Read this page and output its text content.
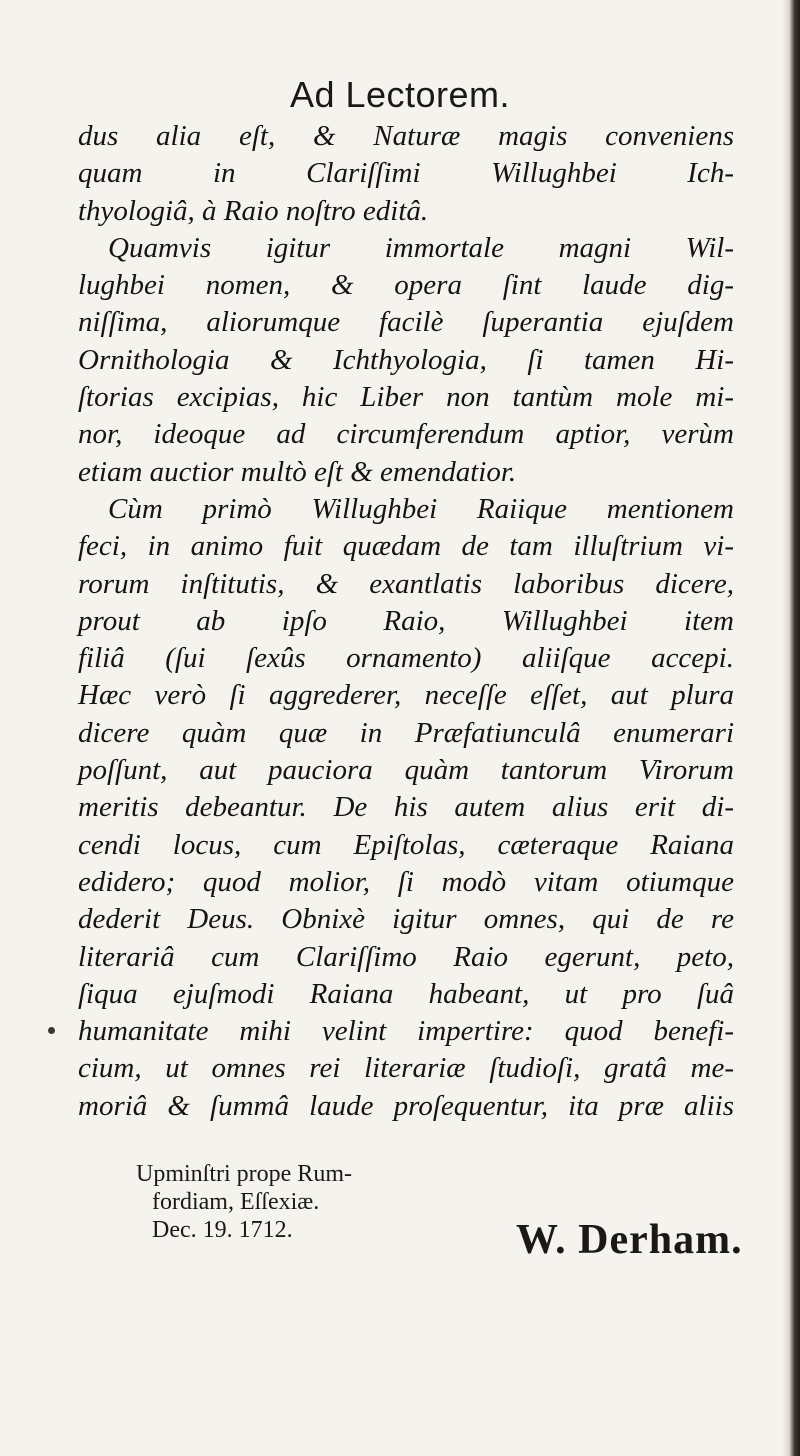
Ad Lectorem.
dus alia eſt, & Naturæ magis conveniens
quam in Clariſſimi Willughbei Ich-
thyologiâ, à Raio noſtro editâ.
Quamvis igitur immortale magni Wil-
lughbei nomen, & opera ſint laude dig-
niſſima, aliorumque facilè ſuperantia ejuſdem
Ornithologia & Ichthyologia, ſi tamen Hi-
ſtorias excipias, hic Liber non tantùm mole mi-
nor, ideoque ad circumferendum aptior, verùm
etiam auctior multò eſt & emendatior.
Cùm primò Willughbei Raiique mentionem
feci, in animo fuit quædam de tam illuſtrium vi-
rorum inſtitutis, & exantlatis laboribus dicere,
prout ab ipſo Raio, Willughbei item
filiâ (ſui ſexûs ornamento) aliiſque accepi.
Hæc verò ſi aggrederer, neceſſe eſſet, aut plura
dicere quàm quæ in Præfatiunculâ enumerari
poſſunt, aut pauciora quàm tantorum Virorum
meritis debeantur. De his autem alius erit di-
cendi locus, cum Epiſtolas, cæteraque Raiana
edidero; quod molior, ſi modò vitam otiumque
dederit Deus. Obnixè igitur omnes, qui de re
literariâ cum Clariſſimo Raio egerunt, peto,
ſiqua ejuſmodi Raiana habeant, ut pro ſuâ
humanitate mihi velint impertire: quod benefi-
cium, ut omnes rei literariæ ſtudioſi, gratâ me-
moriâ & ſummâ laude proſequentur, ita præ aliis
Upminſtri prope Rum-
fordiam, Eſſexiæ.
Dec. 19. 1712.	W. Derham.
